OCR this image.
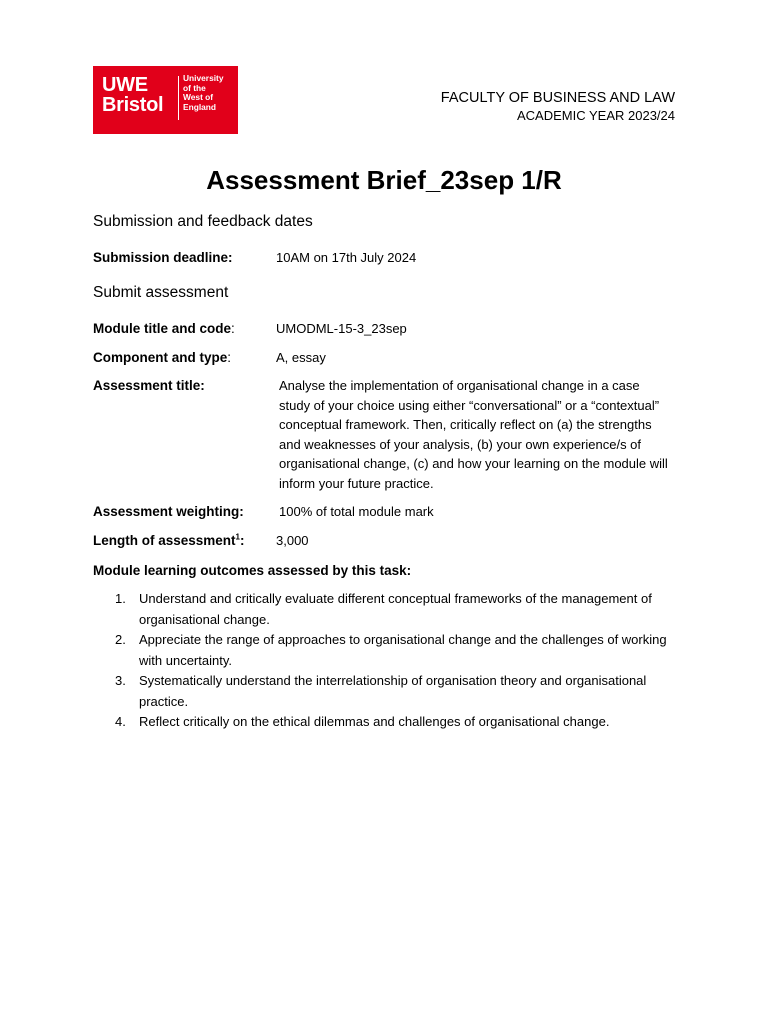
UWE
Bristol
University
of the
West of
England
FACULTY OF BUSINESS AND LAW
ACADEMIC YEAR 2023/24
Assessment Brief_23sep 1/R
Submission and feedback dates
Submission deadline:	10AM on 17th July 2024
Submit assessment
Module title and code:	UMODML-15-3_23sep
Component and type:	A, essay
Assessment title:	Analyse the implementation of organisational change in a case study of your choice using either “conversational” or a “contextual” conceptual framework. Then, critically reflect on (a) the strengths and weaknesses of your analysis, (b) your own experience/s of organisational change, (c) and how your learning on the module will inform your future practice.
Assessment weighting:	100% of total module mark
Length of assessment$^1$: 3,000
Module learning outcomes assessed by this task:
1. Understand and critically evaluate different conceptual frameworks of the management of organisational change.
2. Appreciate the range of approaches to organisational change and the challenges of working with uncertainty.
3. Systematically understand the interrelationship of organisation theory and organisational practice.
4. Reflect critically on the ethical dilemmas and challenges of organisational change.
